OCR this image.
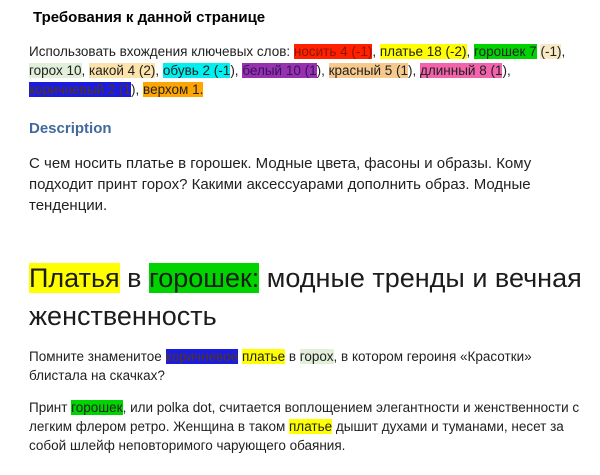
Требования к данной странице

Использовать вхождения ключевых слов: носить 4 (-1), платье 18 (-2), горошек 7 (-1),
горох 10, какой 4 (2), обувь 2 (-1), белый 10 (1), красный 5 (1), длинный 8 (1),
коричневый 2 (1), верхом 1.

Description

С чем носить платье в горошек. Модные цвета, фасоны и образы. Кому
подходит принт горох? Какими аксессуарами дополнить образ. Модные
тенденции.

Платья в горошек: модные тренды и вечная
женственность

Помните знаменитое коричневое платье в горох, в котором героиня «Красотки»
блистала на скачках?

Принт горошек, или polka dot, считается воплощением элегантности и женственности с
легким флером ретро. Женщина в таком платье дышит духами и туманами, несет за
собой шлейф неповторимого чарующего обаяния.
